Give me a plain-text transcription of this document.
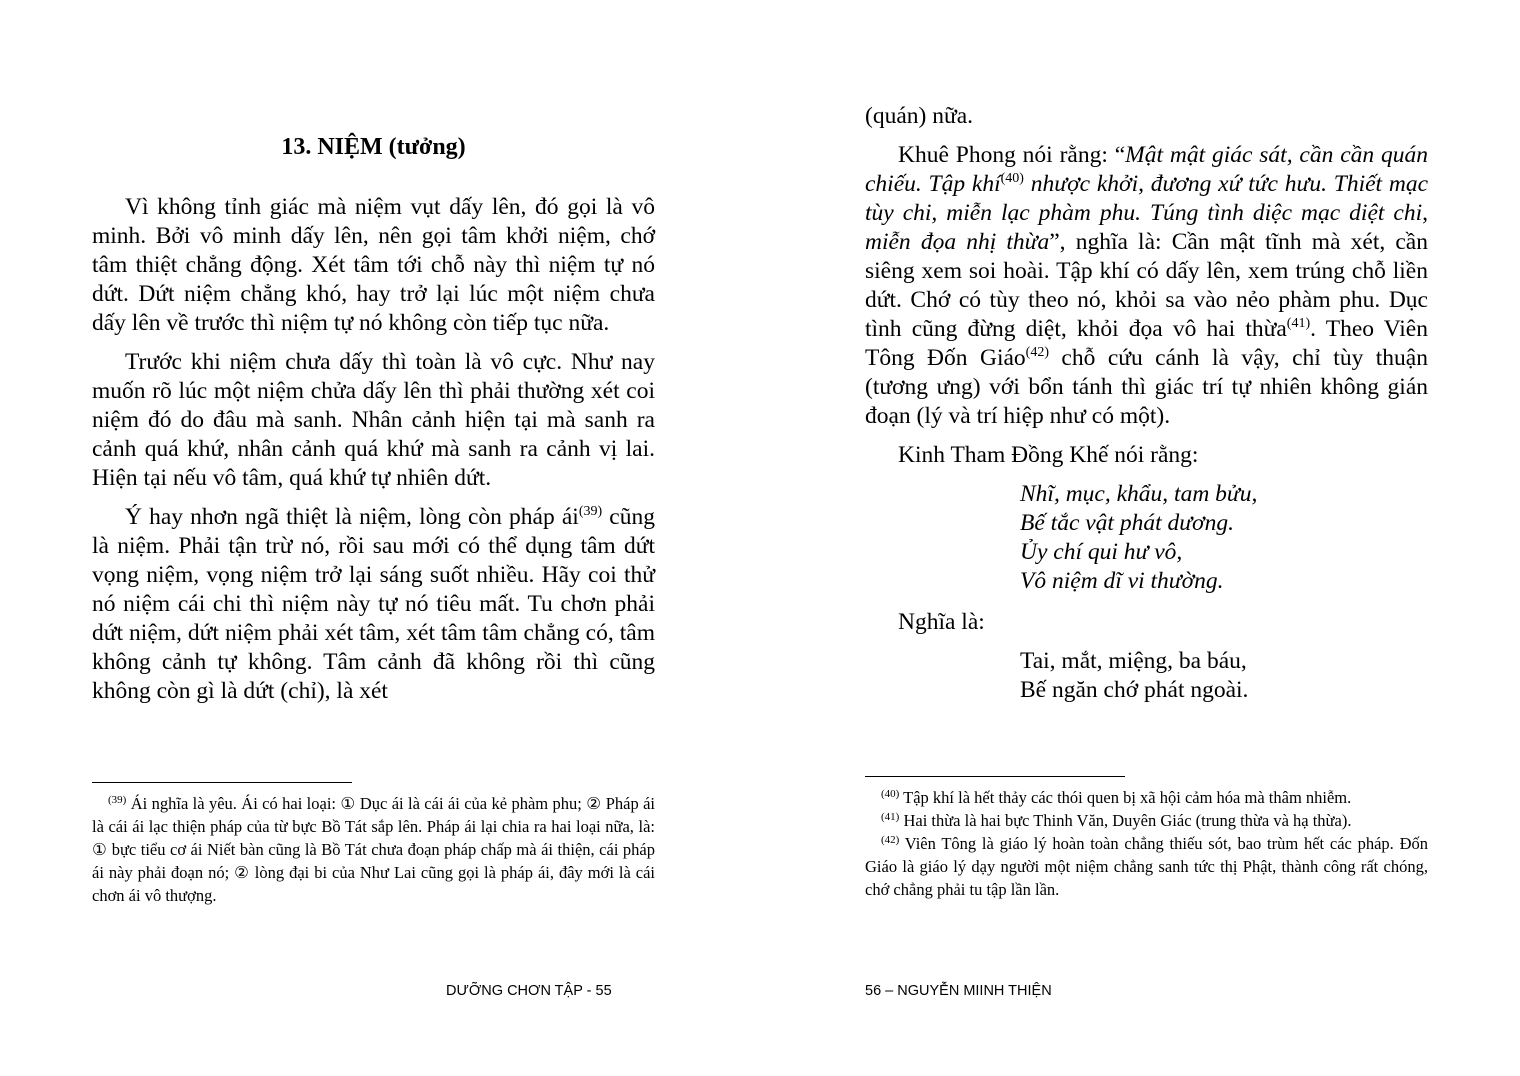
13. NIỆM (tưởng)

Vì không tỉnh giác mà niệm vụt dấy lên, đó gọi là vô minh. Bởi vô minh dấy lên, nên gọi tâm khởi niệm, chớ tâm thiệt chẳng động. Xét tâm tới chỗ này thì niệm tự nó dứt. Dứt niệm chẳng khó, hay trở lại lúc một niệm chưa dấy lên về trước thì niệm tự nó không còn tiếp tục nữa.

Trước khi niệm chưa dấy thì toàn là vô cực. Như nay muốn rõ lúc một niệm chửa dấy lên thì phải thường xét coi niệm đó do đâu mà sanh. Nhân cảnh hiện tại mà sanh ra cảnh quá khứ, nhân cảnh quá khứ mà sanh ra cảnh vị lai. Hiện tại nếu vô tâm, quá khứ tự nhiên dứt.

Ý hay nhơn ngã thiệt là niệm, lòng còn pháp $ái^{(39)}$ cũng là niệm. Phải tận trừ nó, rồi sau mới có thể dụng tâm dứt vọng niệm, vọng niệm trở lại sáng suốt nhiều. Hãy coi thử nó niệm cái chi thì niệm này tự nó tiêu mất. Tu chơn phải dứt niệm, dứt niệm phải xét tâm, xét tâm tâm chẳng có, tâm không cảnh tự không. Tâm cảnh đã không rồi thì cũng không còn gì là dứt (chỉ), là xét

$^{(39)}$ Ái nghĩa là yêu. Ái có hai loại: ① Dục ái là cái ái của kẻ phàm phu; ② Pháp ái là cái ái lạc thiện pháp của từ bực Bồ Tát sắp lên. Pháp ái lại chia ra hai loại nữa, là: ① bực tiểu cơ ái Niết bàn cũng là Bồ Tát chưa đoạn pháp chấp mà ái thiện, cái pháp ái này phải đoạn nó; ② lòng đại bi của Như Lai cũng gọi là pháp ái, đây mới là cái chơn ái vô thượng.

DƯỠNG CHƠN TẬP - 55

(quán) nữa.

Khuê Phong nói rằng: “Mật mật giác sát, cần cần quán chiếu. Tập khí$^{(40)}$ nhược khởi, đương xứ tức hưu. Thiết mạc tùy chi, miễn lạc phàm phu. Túng tình diệc mạc diệt chi, miễn đọa nhị thừa”, nghĩa là: Cần mật tĩnh mà xét, cần siêng xem soi hoài. Tập khí có dấy lên, xem trúng chỗ liền dứt. Chớ có tùy theo nó, khỏi sa vào nẻo phàm phu. Dục tình cũng đừng diệt, khỏi đọa vô hai thừa$^{(41)}$. Theo Viên Tông Đốn Giáo$^{(42)}$ chỗ cứu cánh là vậy, chỉ tùy thuận (tương ưng) với bổn tánh thì giác trí tự nhiên không gián đoạn (lý và trí hiệp như có một).

Kinh Tham Đồng Khế nói rằng:

Nhĩ, mục, khẩu, tam bửu,
Bế tắc vật phát dương.
Ủy chí qui hư vô,
Vô niệm dĩ vi thường.

Nghĩa là:

Tai, mắt, miệng, ba báu,
Bế ngăn chớ phát ngoài.

$^{(40)}$ Tập khí là hết thảy các thói quen bị xã hội cảm hóa mà thâm nhiễm.

$^{(41)}$ Hai thừa là hai bực Thinh Văn, Duyên Giác (trung thừa và hạ thừa).

$^{(42)}$ Viên Tông là giáo lý hoàn toàn chẳng thiếu sót, bao trùm hết các pháp. Đốn Giáo là giáo lý dạy người một niệm chẳng sanh tức thị Phật, thành công rất chóng, chớ chẳng phải tu tập lần lần.

56 – NGUYỄN MIINH THIỆN
